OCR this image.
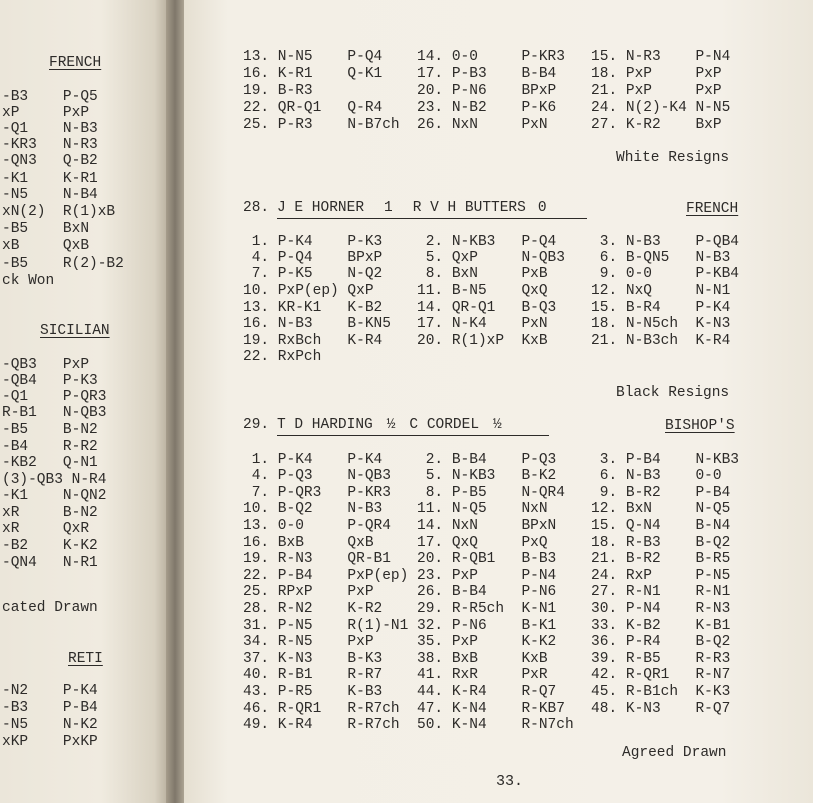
FRENCH
-B3    P-Q5
xP     PxP
-Q1    N-B3
-KR3   N-R3
-QN3   Q-B2
-K1    K-R1
-N5    N-B4
xN(2)  R(1)xB
-B5    BxN
xB     QxB
-B5    R(2)-B2
ck Won
SICILIAN
-QB3   PxP
-QB4   P-K3
-Q1    P-QR3
R-B1   N-QB3
-B5    B-N2
-B4    R-R2
-KB2   Q-N1
(3)-QB3 N-R4
-K1    N-QN2
xR     B-N2
xR     QxR
-B2    K-K2
-QN4   N-R1
cated Drawn
RETI
-N2    P-K4
-B3    P-B4
-N5    N-K2
xKP    PxKP
13. N-N5    P-Q4    14. 0-0     P-KR3   15. N-R3    P-N4
16. K-R1    Q-K1    17. P-B3    B-B4    18. PxP     PxP
19. B-R3            20. P-N6    BPxP    21. PxP     PxP
22. QR-Q1   Q-R4    23. N-B2    P-K6    24. N(2)-K4 N-N5
25. P-R3    N-B7ch  26. NxN     PxN     27. K-R2    BxP
White Resigns
28. J E HORNER 1 R V H BUTTERS 0	FRENCH
1. P-K4    P-K3     2. N-KB3   P-Q4     3. N-B3    P-QB4
4. P-Q4    BPxP     5. QxP     N-QB3    6. B-QN5   N-B3
7. P-K5    N-Q2     8. BxN     PxB      9. 0-0     P-KB4
10. PxP(ep) QxP     11. B-N5    QxQ     12. NxQ     N-N1
13. KR-K1   K-B2    14. QR-Q1   B-Q3    15. B-R4    P-K4
16. N-B3    B-KN5   17. N-K4    PxN     18. N-N5ch  K-N3
19. RxBch   K-R4    20. R(1)xP  KxB     21. N-B3ch  K-R4
22. RxPch
Black Resigns
29. T D HARDING ½ C CORDEL ½	BISHOP'S
1. P-K4    P-K4     2. B-B4    P-Q3     3. P-B4    N-KB3
4. P-Q3    N-QB3    5. N-KB3   B-K2     6. N-B3    0-0
7. P-QR3   P-KR3    8. P-B5    N-QR4    9. B-R2    P-B4
10. B-Q2    N-B3    11. N-Q5    NxN     12. BxN     N-Q5
13. 0-0     P-QR4   14. NxN     BPxN    15. Q-N4    B-N4
16. BxB     QxB     17. QxQ     PxQ     18. R-B3    B-Q2
19. R-N3    QR-B1   20. R-QB1   B-B3    21. B-R2    B-R5
22. P-B4    PxP(ep) 23. PxP     P-N4    24. RxP     P-N5
25. RPxP    PxP     26. B-B4    P-N6    27. R-N1    R-N1
28. R-N2    K-R2    29. R-R5ch  K-N1    30. P-N4    R-N3
31. P-N5    R(1)-N1 32. P-N6    B-K1    33. K-B2    K-B1
34. R-N5    PxP     35. PxP     K-K2    36. P-R4    B-Q2
37. K-N3    B-K3    38. BxB     KxB     39. R-B5    R-R3
40. R-B1    R-R7    41. RxR     PxR     42. R-QR1   R-N7
43. P-R5    K-B3    44. K-R4    R-Q7    45. R-B1ch  K-K3
46. R-QR1   R-R7ch  47. K-N4    R-KB7   48. K-N3    R-Q7
49. K-R4    R-R7ch  50. K-N4    R-N7ch
Agreed Drawn
33.
